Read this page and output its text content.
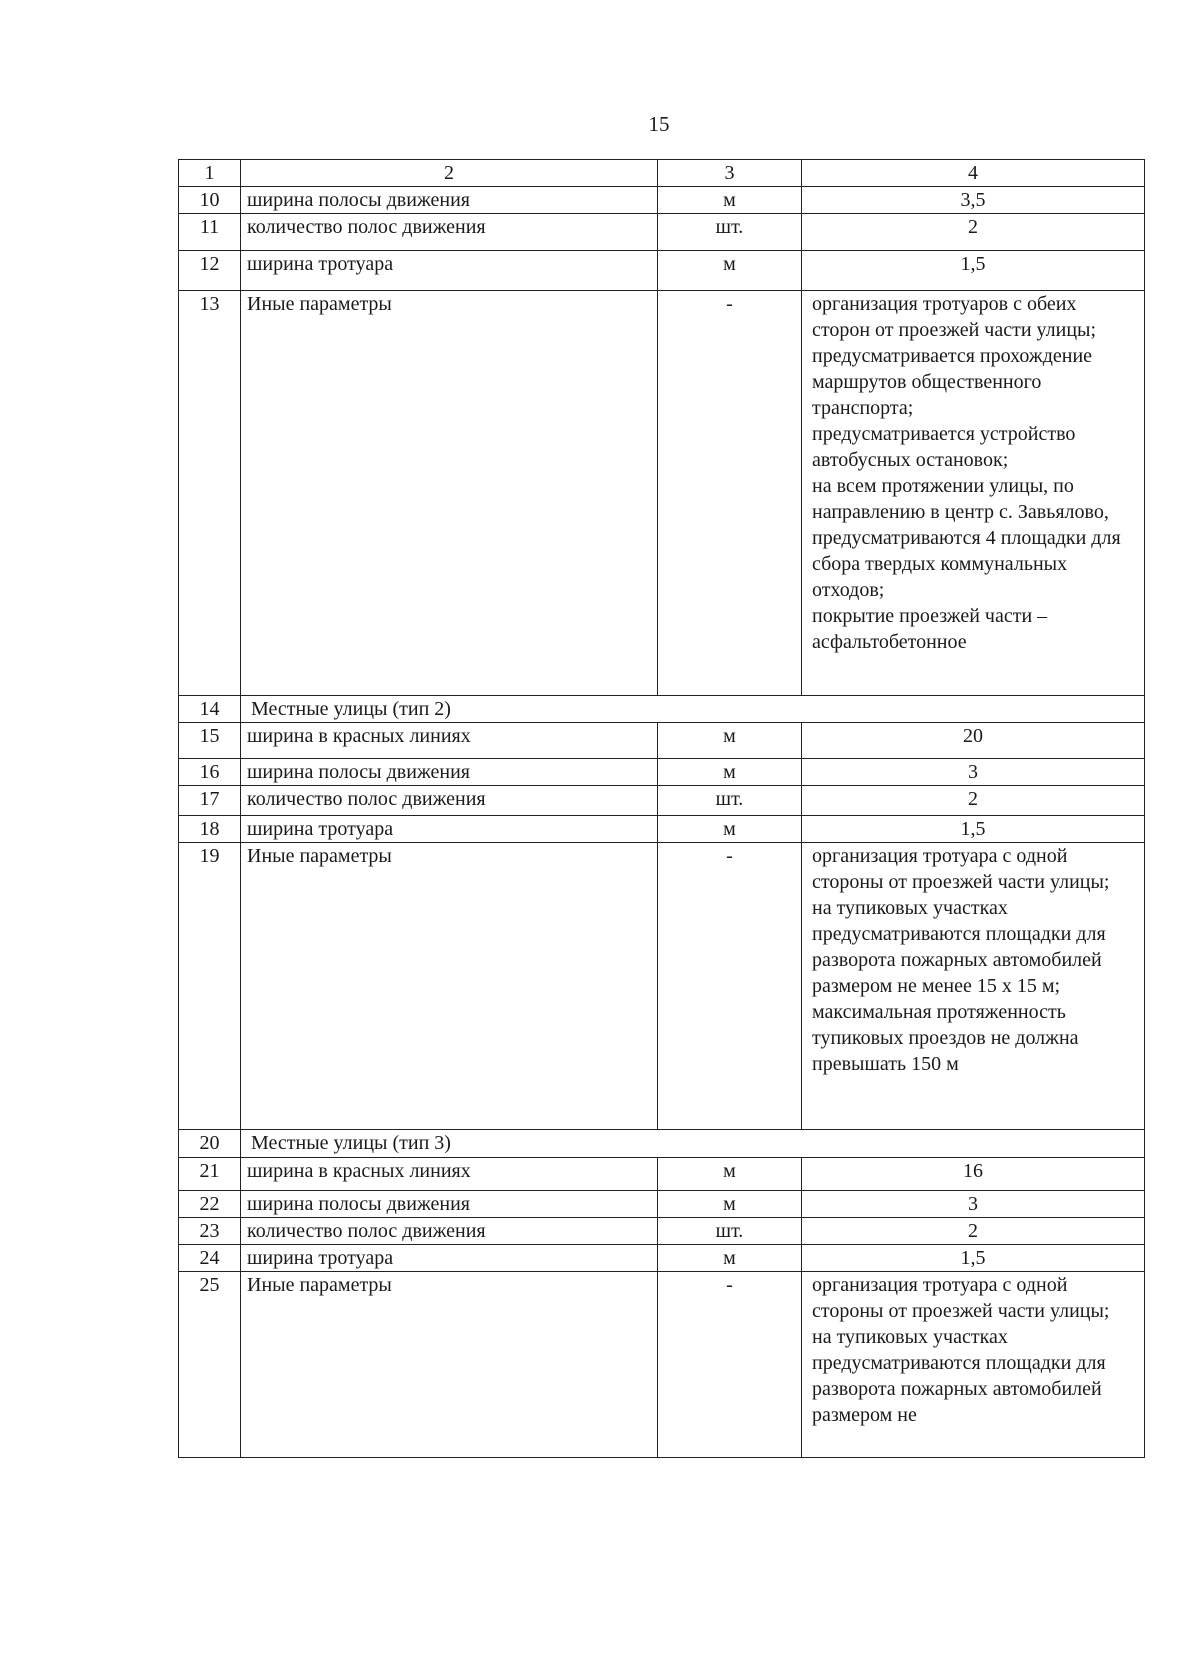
15
1	2	3	4
10	ширина полосы движения	м	3,5
11	количество полос движения	шт.	2
12	ширина тротуара	м	1,5
13	Иные параметры	-	организация тротуаров с обеих сторон от проезжей части улицы;
предусматривается прохождение маршрутов общественного транспорта;
предусматривается устройство автобусных остановок;
на всем протяжении улицы, по направлению в центр с. Завьялово, предусматриваются 4 площадки для сбора твердых коммунальных отходов;
покрытие проезжей части – асфальтобетонное
14	Местные улицы (тип 2)		
15	ширина в красных линиях	м	20
16	ширина полосы движения	м	3
17	количество полос движения	шт.	2
18	ширина тротуара	м	1,5
19	Иные параметры	-	организация тротуара с одной стороны от проезжей части улицы;
на тупиковых участках предусматриваются площадки для разворота пожарных автомобилей размером не менее 15 х 15 м;
максимальная протяженность тупиковых проездов не должна превышать 150 м
20	Местные улицы (тип 3)		
21	ширина в красных линиях	м	16
22	ширина полосы движения	м	3
23	количество полос движения	шт.	2
24	ширина тротуара	м	1,5
25	Иные параметры	-	организация тротуара с одной стороны от проезжей части улицы;
на тупиковых участках предусматриваются площадки для разворота пожарных автомобилей размером не
